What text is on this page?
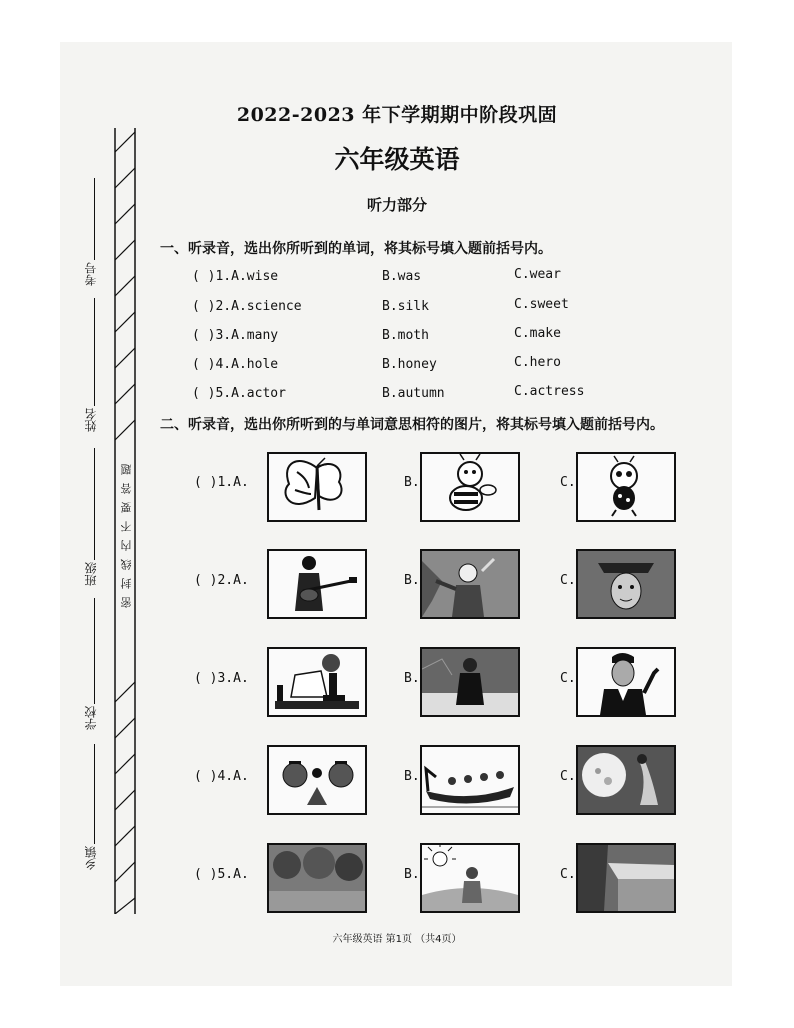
考号
姓名
班级
学校
乡镇
密封线内不要答题
2022-2023 年下学期期中阶段巩固
六年级英语
听力部分
一、听录音，选出你所听到的单词，将其标号填入题前括号内。
( )1.A.wise	B.was	C.wear
( )2.A.science	B.silk	C.sweet
( )3.A.many	B.moth	C.make
( )4.A.hole	B.honey	C.hero
( )5.A.actor	B.autumn	C.actress
二、听录音，选出你所听到的与单词意思相符的图片，将其标号填入题前括号内。
( )1.A.	B.	C.
( )2.A.	B.	C.
( )3.A.	B.	C.
( )4.A.	B.	C.
( )5.A.	B.	C.
六年级英语 第1页 （共4页）
